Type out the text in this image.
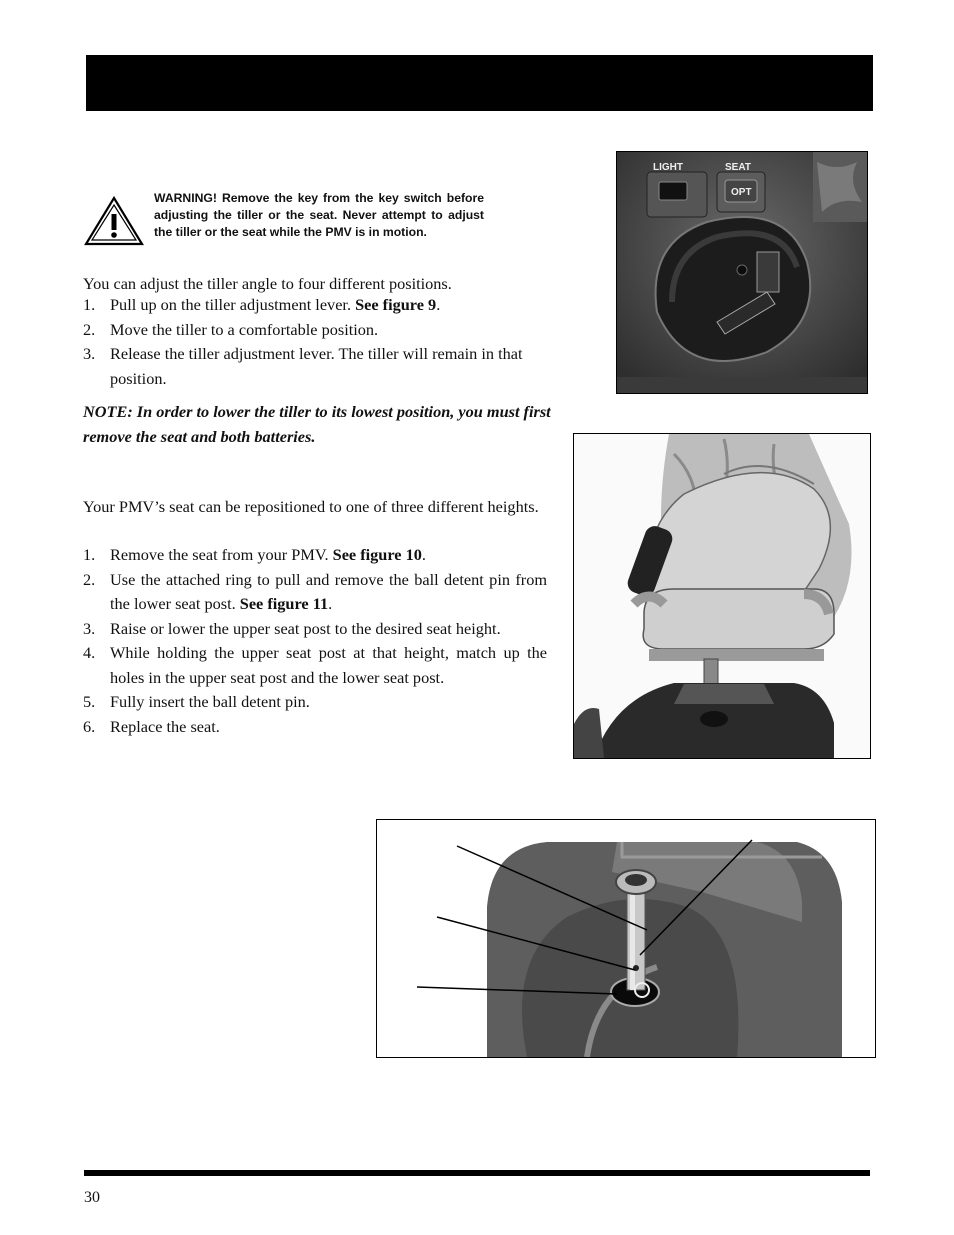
WARNING! Remove the key from the key switch before adjusting the tiller or the seat. Never attempt to adjust the tiller or the seat while the PMV is in motion.
You can adjust the tiller angle to four different positions.
1. Pull up on the tiller adjustment lever. See figure 9.
2. Move the tiller to a comfortable position.
3. Release the tiller adjustment lever. The tiller will remain in that position.
NOTE: In order to lower the tiller to its lowest position, you must first remove the seat and both batteries.
Your PMV’s seat can be repositioned to one of three different heights.
1. Remove the seat from your PMV. See figure 10.
2. Use the attached ring to pull and remove the ball detent pin from the lower seat post. See figure 11.
3. Raise or lower the upper seat post to the desired seat height.
4. While holding the upper seat post at that height, match up the holes in the upper seat post and the lower seat post.
5. Fully insert the ball detent pin.
6. Replace the seat.
LIGHT	SEAT
OPT
30
